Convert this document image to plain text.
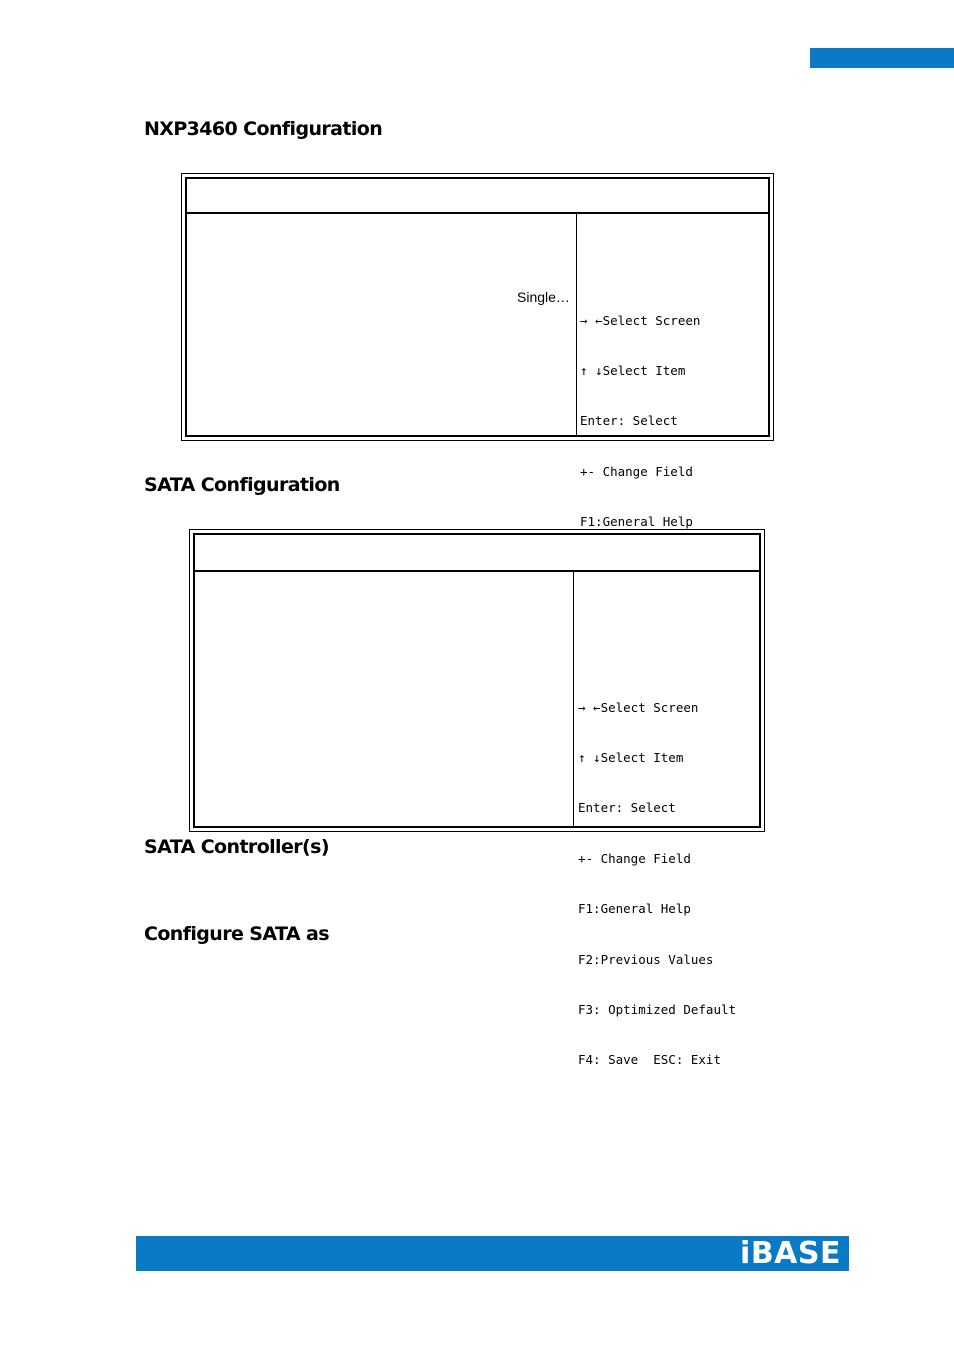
NXP3460 Configuration
Single…

→ ←Select Screen

↑ ↓Select Item

Enter: Select

+- Change Field

F1:General Help

SATA Configuration

→ ←Select Screen

↑ ↓Select Item

Enter: Select

+- Change Field

F1:General Help

F2:Previous Values

F3: Optimized Default

F4: Save  ESC: Exit

SATA Controller(s)
Configure SATA as
iBASE
